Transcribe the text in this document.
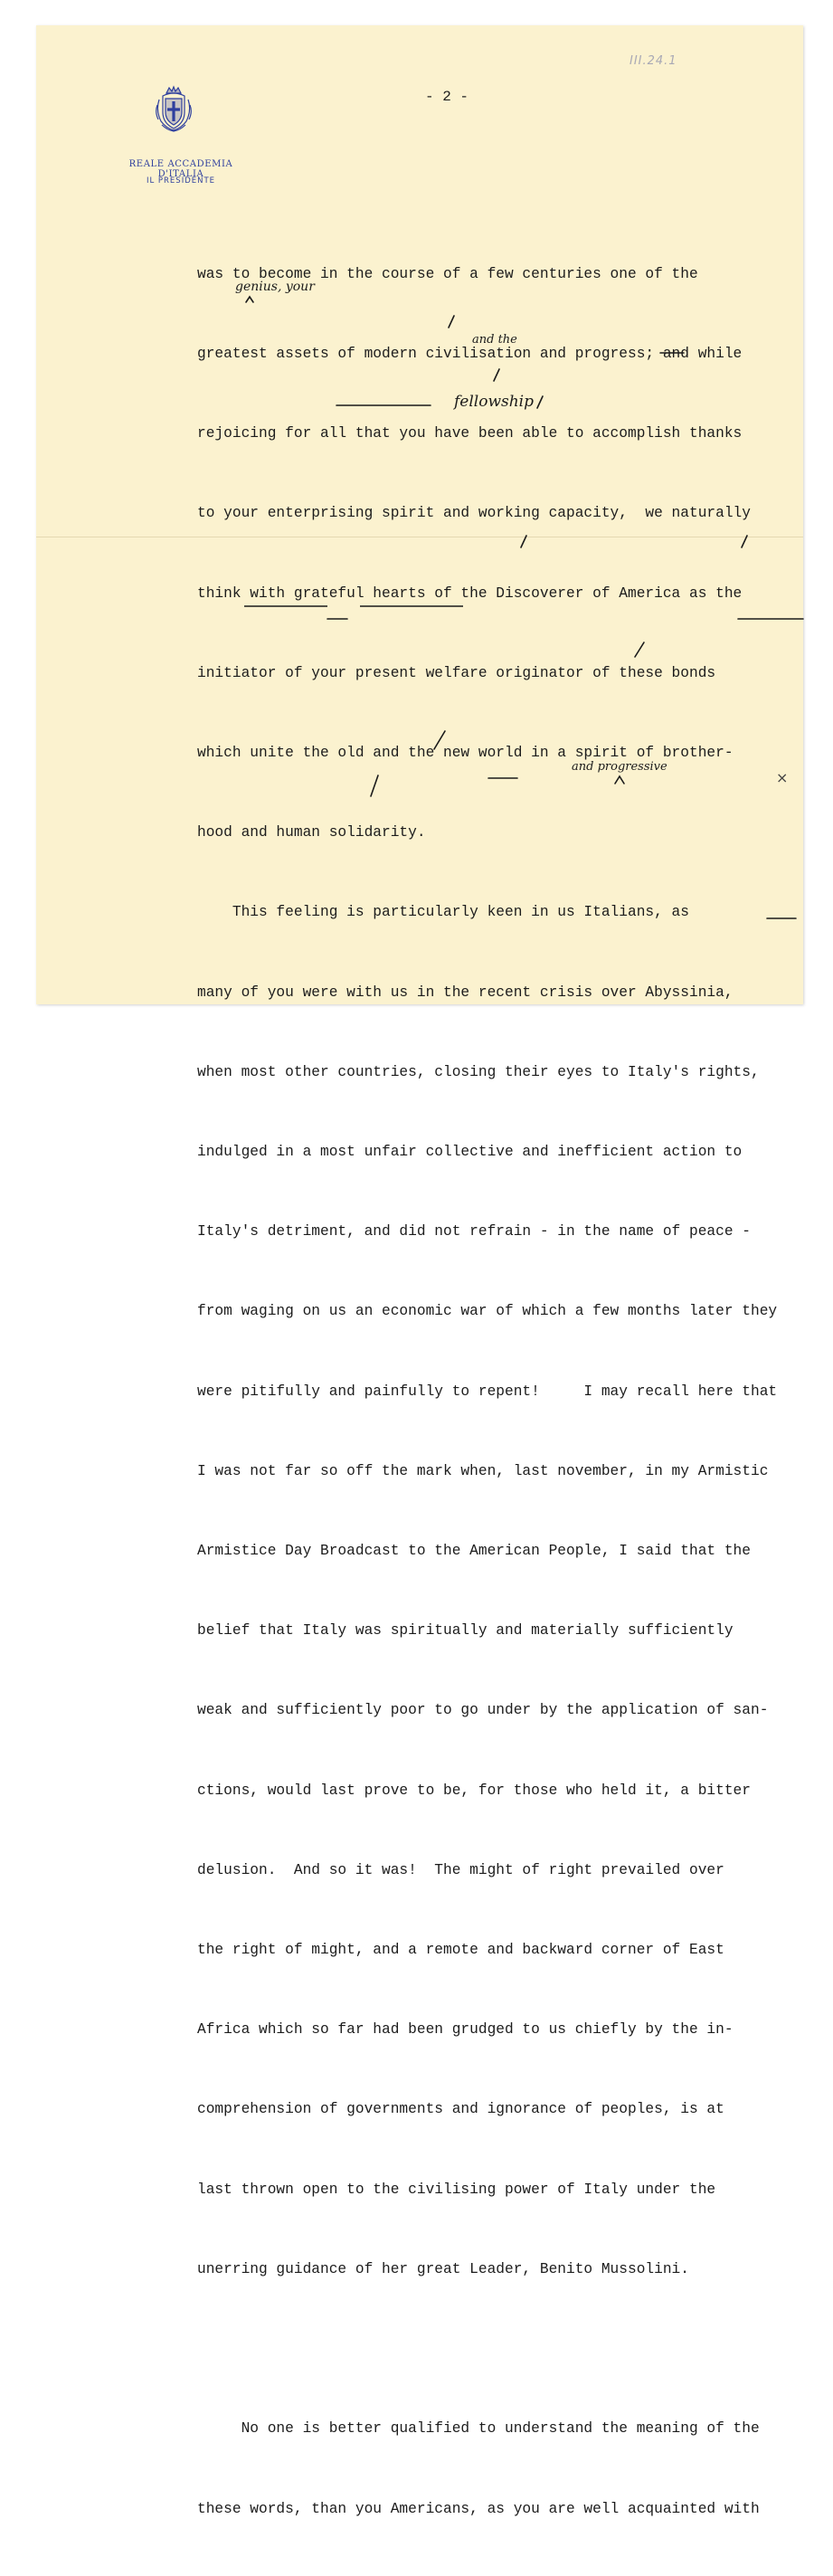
REALE ACCADEMIA D'ITALIA
IL PRESIDENTE
- 2 -
III.24.1

was to become in the course of a few centuries one of the

greatest assets of modern civilisation and progress; and while

rejoicing for all that you have been able to accomplish thanks

to your enterprising spirit and working capacity,  we naturally

think with grateful hearts of the Discoverer of America as the

initiator of your present welfare originator of these bonds

which unite the old and the new world in a spirit of brother-

hood and human solidarity.

This feeling is particularly keen in us Italians, as

many of you were with us in the recent crisis over Abyssinia,

when most other countries, closing their eyes to Italy's rights,

indulged in a most unfair collective and inefficient action to

Italy's detriment, and did not refrain - in the name of peace -

from waging on us an economic war of which a few months later they

were pitifully and painfully to repent!     I may recall here that

I was not far so off the mark when, last november, in my Armistic

Armistice Day Broadcast to the American People, I said that the

belief that Italy was spiritually and materially sufficiently

weak and sufficiently poor to go under by the application of san-

ctions, would last prove to be, for those who held it, a bitter

delusion.  And so it was!  The might of right prevailed over

the right of might, and a remote and backward corner of East

Africa which so far had been grudged to us chiefly by the in-

comprehension of governments and ignorance of peoples, is at

last thrown open to the civilising power of Italy under the

unerring guidance of her great Leader, Benito Mussolini.

No one is better qualified to understand the meaning of the

these words, than you Americans, as you are well acquainted with

genius, your
and the
fellowship
and progressive
×
